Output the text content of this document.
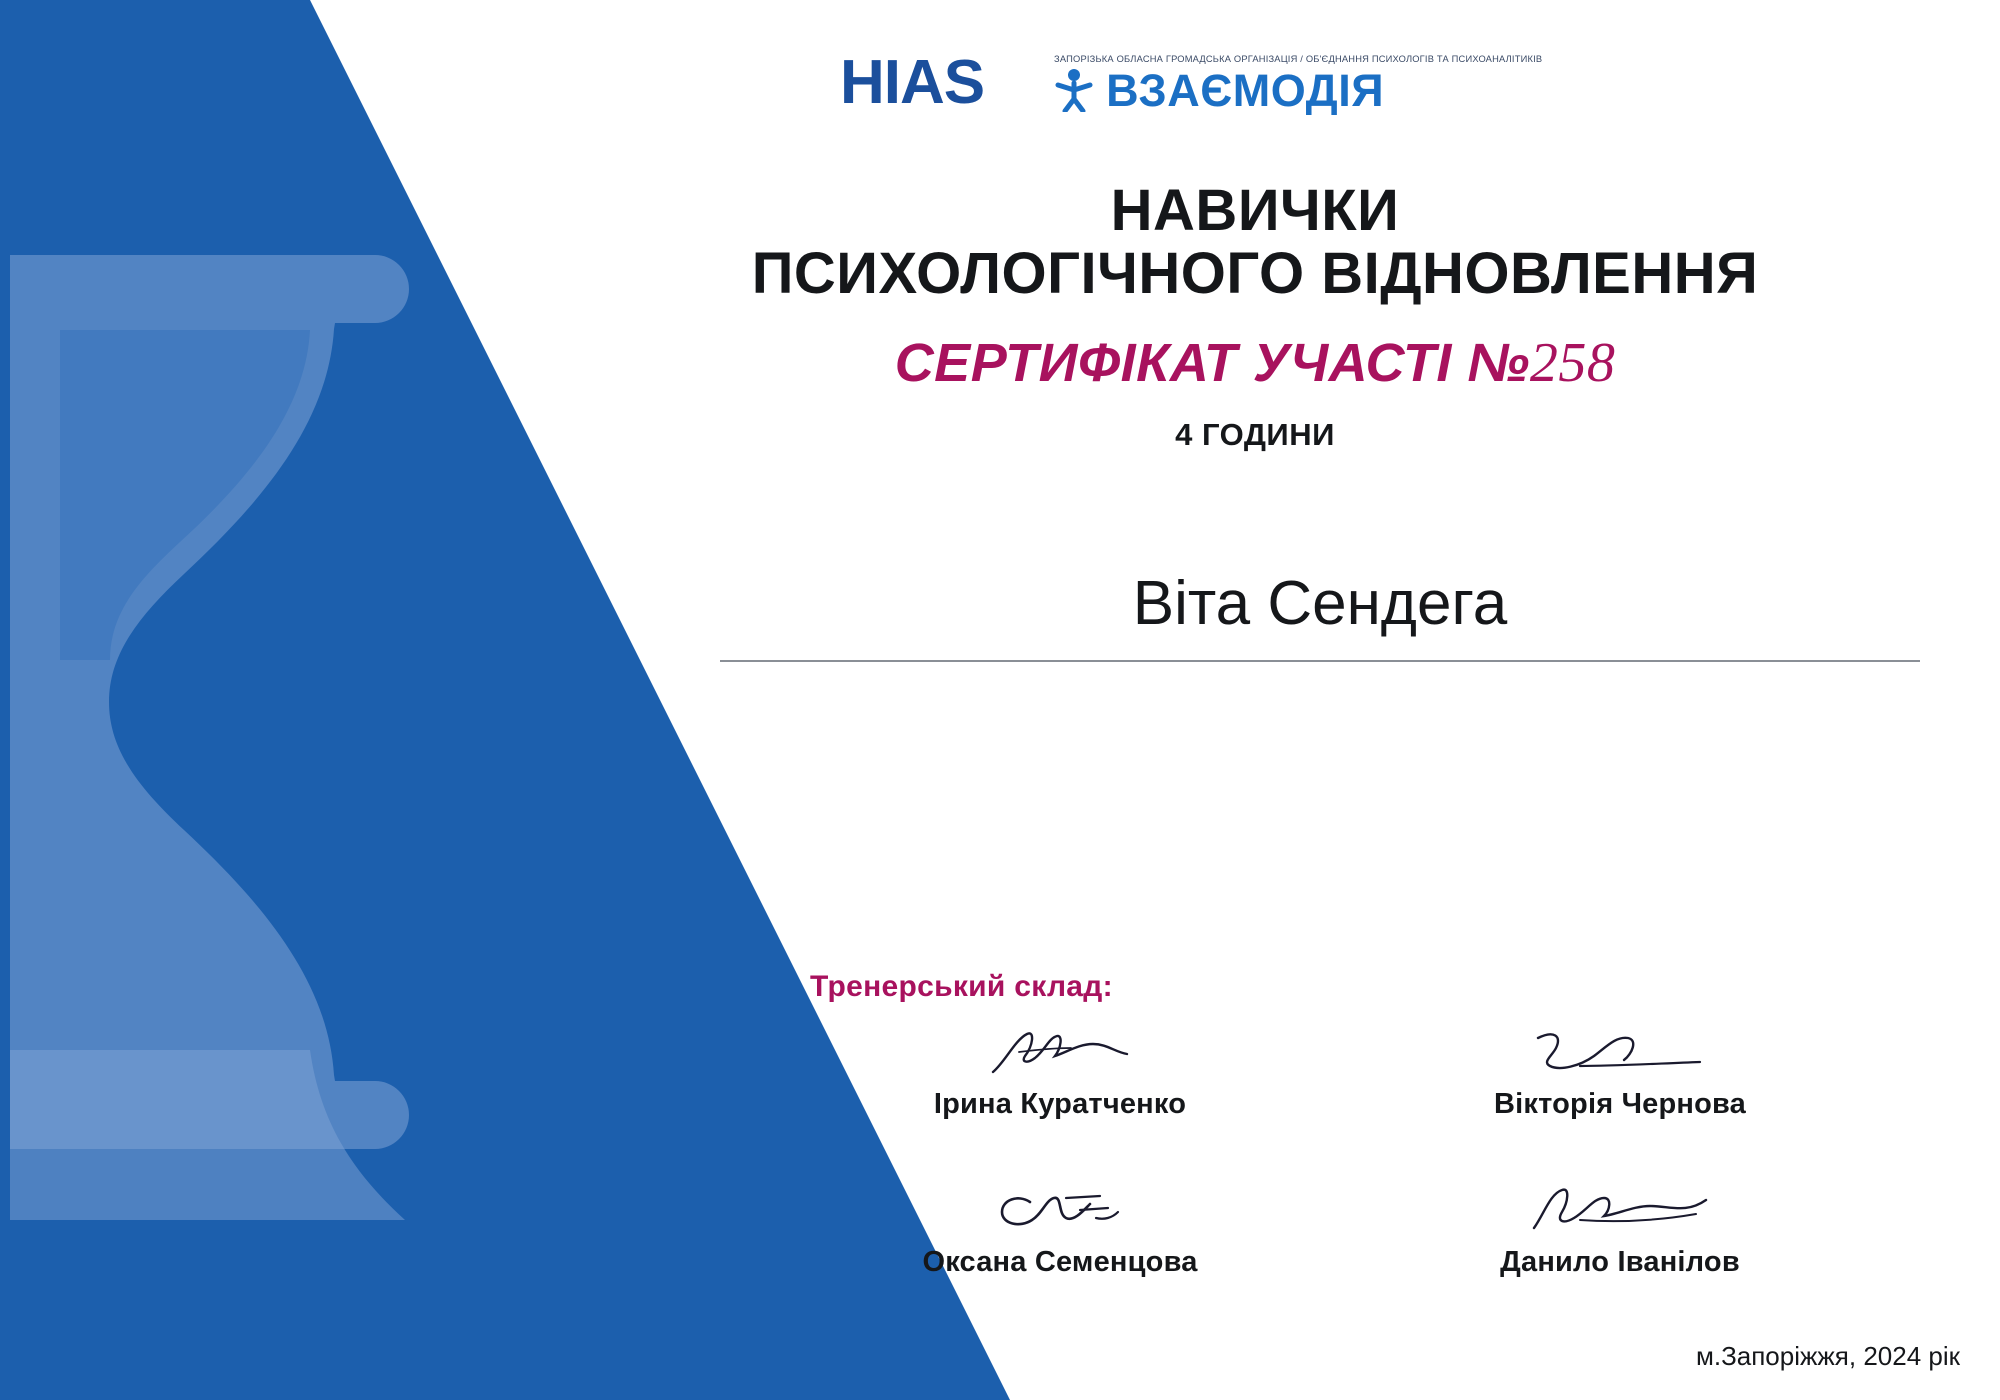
HIAS	ЗАПОРІЗЬКА ОБЛАСНА ГРОМАДСЬКА ОРГАНІЗАЦІЯ / ОБ'ЄДНАННЯ ПСИХОЛОГІВ ТА ПСИХОАНАЛІТИКІВ
ВЗАЄМОДІЯ
НАВИЧКИ
ПСИХОЛОГІЧНОГО ВІДНОВЛЕННЯ
СЕРТИФІКАТ УЧАСТІ №258
4 ГОДИНИ
Віта Сендега
Тренерський склад:
Ірина Куратченко	Вікторія Чернова
Оксана Семенцова	Данило Іванілов
м.Запоріжжя, 2024 рік
